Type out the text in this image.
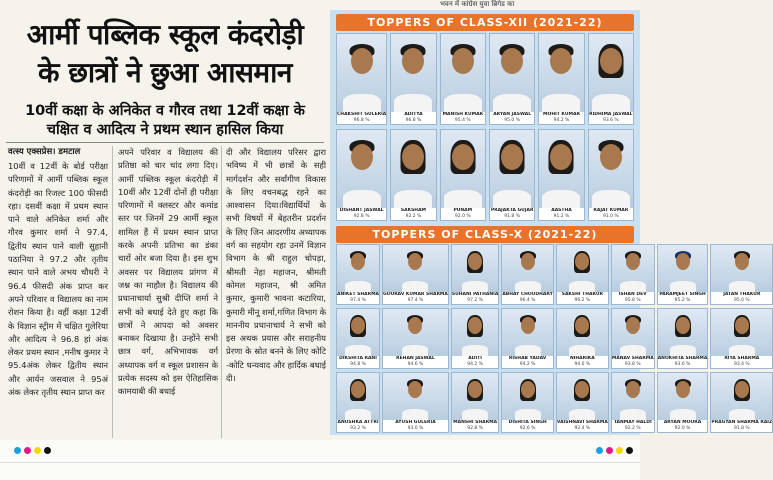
भवन में कांग्रेस युवा ब्रिगेड का
आर्मी पब्लिक स्कूल कंदरोड़ी
के छात्रों ने छुआ आसमान
10वीं कक्षा के अनिकेत व गौरव तथा 12वीं कक्षा के
चक्षित व आदित्य ने प्रथम स्थान हासिल किया
वत्स्य एक्सप्रेस। डमटाल
10वीं व 12वीं के बोर्ड परीक्षा परिणामों में आर्मी पब्लिक स्कूल कंदरोड़ी का रिजल्ट 100 फीसदी रहा। दसवीं कक्षा में प्रथम स्थान पाने वाले अनिकेत शर्मा और गौरव कुमार शर्मा ने 97.4, द्वितीय स्थान पाने वाली सुहानी पठानिया ने 97.2 और तृतीय स्थान पाने वाले अभय चौधरी ने 96.4 फीसदी अंक प्राप्त कर अपने परिवार व विद्यालय का नाम रोशन किया है। वहीं कक्षा 12वीं के विज्ञान स्ट्रीम में चक्षित गुलेरिया और आदित्य ने 96.8 हां अंक लेकर प्रथम स्थान ,मनीष कुमार ने 95.4अंक लेकर द्वितीय स्थान और आर्यन जसवाल ने 95अं अंक लेकर तृतीय स्थान प्राप्त कर
अपने परिवार व विद्यालय की प्रतिष्ठा को चार चांद लगा दिए। आर्मी पब्लिक स्कूल कंदरोड़ी में 10वीं और 12वीं दोनों ही परीक्षा परिणामों में क्लस्टर और कमांड स्तर पर जिनमें 29 आर्मी स्कूल शामिल हैं में प्रथम स्थान प्राप्त करके अपनी प्रतिभा का डंका चारों ओर बजा दिया है। इस शुभ अवसर पर विद्यालय प्रांगण में जश्न का माहौल है। विद्यालय की प्रधानाचार्या सुश्री दीप्ति शर्मा ने सभी को बधाई देते हुए कहा कि छात्रों ने आपदा को अवसर बनाकर दिखाया है। उन्होंने सभी छात्र वर्ग, अभिभावक वर्ग अध्यापक वर्ग व स्कूल प्रशासन के प्रत्येक सदस्य को इस ऐतिहासिक कामयाबी की बधाई
दी और विद्यालय परिसर द्वारा भविष्य में भी छात्रों के सही मार्गदर्शन और सर्वांगीण विकास के लिए वचनबद्ध रहने का आश्वासन दिया।विद्यार्थियों के सभी विषयों में बेहतरीन प्रदर्शन के लिए जिन आदरणीय अध्यापक वर्ग का सहयोग रहा उनमें विज्ञान विभाग के श्री राहुल चोपड़ा, श्रीमती नेहा महाजन, श्रीमती कोमल महाजन, श्री अमित कुमार, कुमारी भावना कटारिया, कुमारी मीनू शर्मा,गणित विभाग के माननीय प्रधानाचार्य ने सभी को इस अथक प्रयास और सराहनीय प्रेरणा के स्रोत बनने के लिए कोटि -कोटि धन्यवाद और हार्दिक बधाई दी।
TOPPERS OF CLASS-XII (2021-22)
CHAKSHIT GULERIA
96.8 %
ADITYA
96.8 %
MANISH KUMAR
95.4 %
ARYAN JASWAL
95.0 %
MOHIT KUMAR
94.2 %
RIDHIMA JASWAL
93.6 %
DISHANT JASWAL
92.8 %
SAKSHAM
92.2 %
PUNAM
92.0 %
PRAJAKTA GUJAR
91.8 %
AASTHA
91.2 %
RAJAT KUMAR
91.0 %
TOPPERS OF CLASS-X (2021-22)
ANIKET SHARMA
97.4 %
GOURAV KUMAR SHARMA
97.4 %
SUHANI PATHANIA
97.2 %
ABHAY CHOUDHARY
96.4 %
SAKSHI THAKUR
96.2 %
ISHAN DEV
95.8 %
PARAMJEET SINGH
95.2 %
JATAN THAKUR
95.0 %
DIKSHITA RANI
94.8 %
REHAN JASWAL
94.6 %
ADITI
94.2 %
RISHAB YADAV
94.2 %
NIHARIKA
94.0 %
MANAV SHARMA
93.8 %
ANOKHITA SHARMA
93.6 %
RIYA SHARMA
93.4 %
ANUSHKA ATTRI
93.2 %
AYUSH GULERIA
93.0 %
MANSHI SHARMA
92.8 %
DISHITA SINGH
92.6 %
VAISHNAVI SHARMA
92.4 %
TANMAY HALDI
92.2 %
ARYAN MOORA
92.0 %
PRAGYAN SHARMA RAIZ
91.8 %
